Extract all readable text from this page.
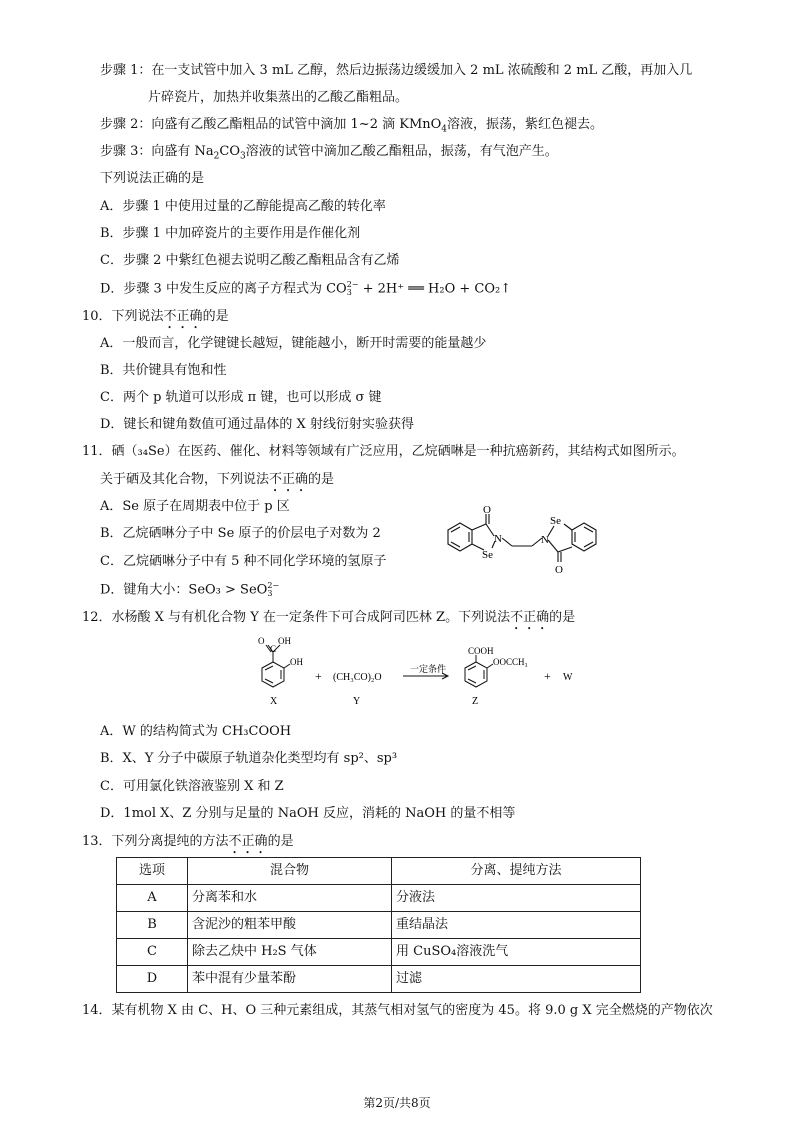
步骤 1：在一支试管中加入 3 mL 乙醇，然后边振荡边缓缓加入 2 mL 浓硫酸和 2 mL 乙酸，再加入几
片碎瓷片，加热并收集蒸出的乙酸乙酯粗品。
步骤 2：向盛有乙酸乙酯粗品的试管中滴加 1~2 滴 KMnO$_4$溶液，振荡，紫红色褪去。
步骤 3：向盛有 $Na_2CO_3$溶液的试管中滴加乙酸乙酯粗品，振荡，有气泡产生。
下列说法正确的是
A．步骤 1 中使用过量的乙醇能提高乙酸的转化率
B．步骤 1 中加碎瓷片的主要作用是作催化剂
C．步骤 2 中紫红色褪去说明乙酸乙酯粗品含有乙烯
D．步骤 3 中发生反应的离子方程式为 CO2−
3 + 2H⁺ ══ H₂O + CO₂↑
10．下列说法不正确的是
A．一般而言，化学键键长越短，键能越小，断开时需要的能量越少
B．共价键具有饱和性
C．两个 p 轨道可以形成 π 键，也可以形成 σ 键
D．键长和键角数值可通过晶体的 X 射线衍射实验获得
11．硒（₃₄Se）在医药、催化、材料等领域有广泛应用，乙烷硒啉是一种抗癌新药，其结构式如图所示。
关于硒及其化合物，下列说法不正确的是
A．Se 原子在周期表中位于 p 区
B．乙烷硒啉分子中 Se 原子的价层电子对数为 2
C．乙烷硒啉分子中有 5 种不同化学环境的氢原子
D．键角大小：SeO₃ > SeO2−
3
O
N
Se
Se
N
O
12．水杨酸 X 与有机化合物 Y 在一定条件下可合成阿司匹林 Z。下列说法不正确的是
O OH
C
OH
X
+ (CH₃CO)₂O
Y
一定条件
COOH
OOCCH₃
Z
+ W
A．W 的结构简式为 CH₃COOH
B．X、Y 分子中碳原子轨道杂化类型均有 sp²、sp³
C．可用氯化铁溶液鉴别 X 和 Z
D．1mol X、Z 分别与足量的 NaOH 反应，消耗的 NaOH 的量不相等
13．下列分离提纯的方法不正确的是
选项	混合物	分离、提纯方法
A	分离苯和水	分液法
B	含泥沙的粗苯甲酸	重结晶法
C	除去乙炔中 H₂S 气体	用 CuSO₄溶液洗气
D	苯中混有少量苯酚	过滤
14．某有机物 X 由 C、H、O 三种元素组成，其蒸气相对氢气的密度为 45。将 9.0 g X 完全燃烧的产物依次
第2页/共8页
